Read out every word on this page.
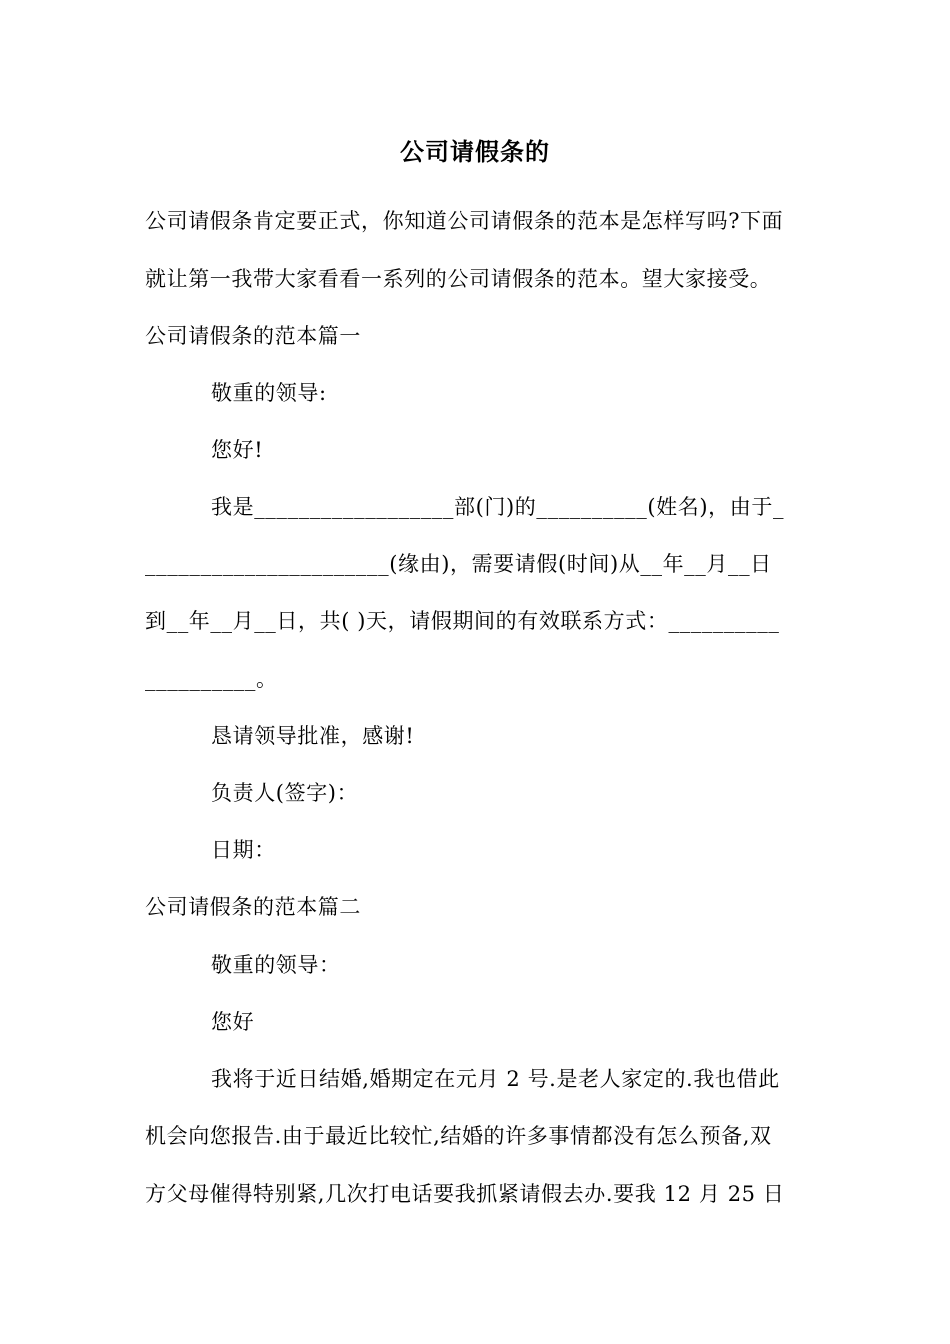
公司请假条的
公司请假条肯定要正式，你知道公司请假条的范本是怎样写吗?下面
就让第一我带大家看看一系列的公司请假条的范本。望大家接受。
公司请假条的范本篇一
敬重的领导:
您好!
我是__________________部(门)的__________(姓名)，由于_
______________________(缘由)，需要请假(时间)从__年__月__日
到__年__月__日，共( )天，请假期间的有效联系方式：__________
__________。
恳请领导批准，感谢!
负责人(签字)：
日期：
公司请假条的范本篇二
敬重的领导：
您好
我将于近日结婚,婚期定在元月 2 号.是老人家定的.我也借此
机会向您报告.由于最近比较忙,结婚的许多事情都没有怎么预备,双
方父母催得特别紧,几次打电话要我抓紧请假去办.要我 12 月 25 日
